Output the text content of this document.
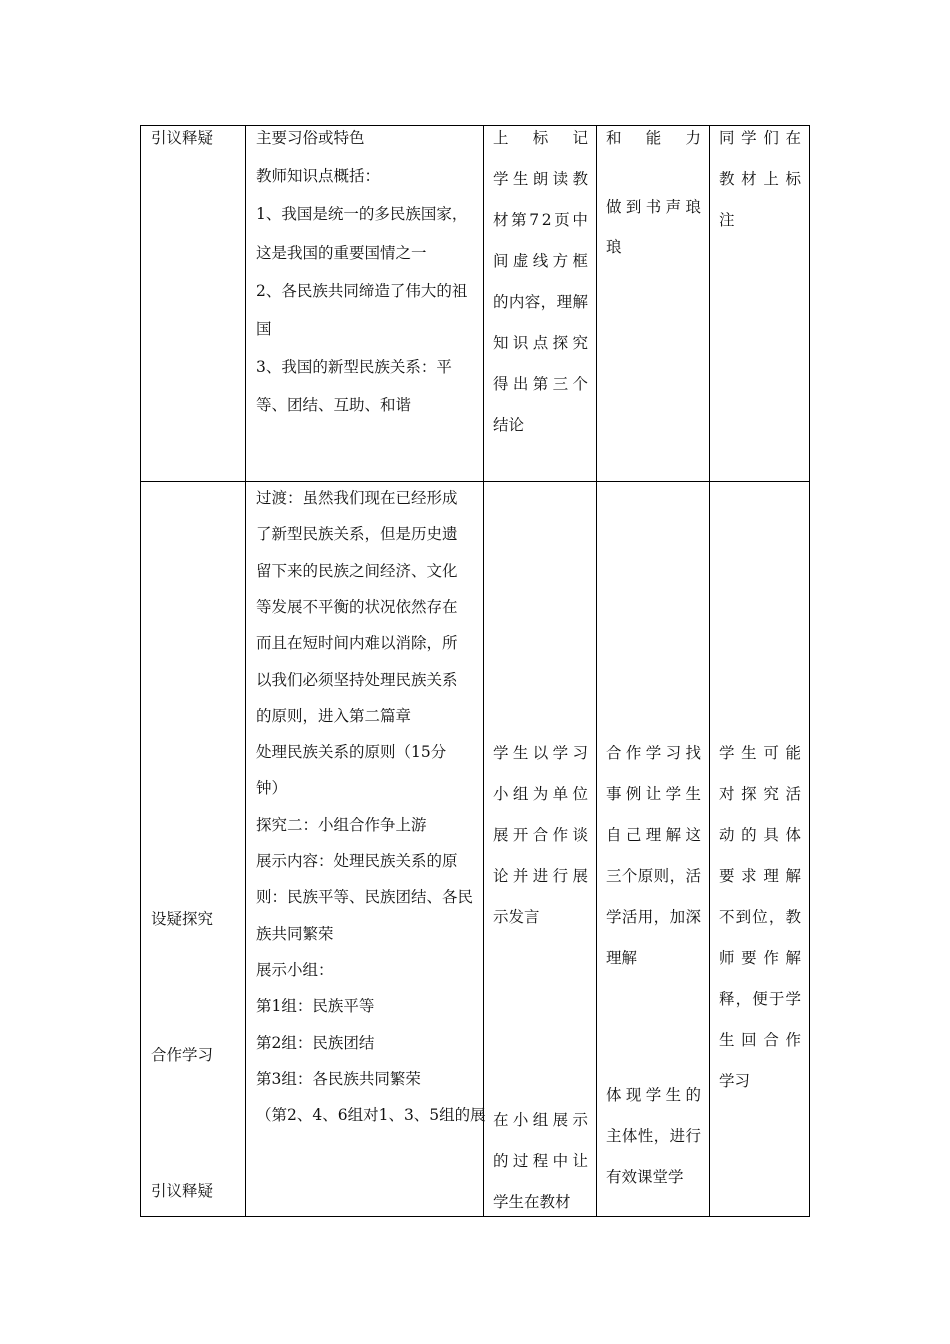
引议释疑	主要习俗或特色
教师知识点概括：
1、我国是统一的多民族国家，
这是我国的重要国情之一
2、各民族共同缔造了伟大的祖
国
3、我国的新型民族关系：平
等、团结、互助、和谐
上 标 记
学 生 朗 读 教
材 第 7 2 页 中
间 虚 线 方 框
的 内 容 ， 理 解
知 识 点 探 究
得 出 第 三 个
结论
和 能 力
做 到 书 声 琅
琅
同 学 们 在
教 材 上 标
注
设疑探究
合作学习
引议释疑
过渡：虽然我们现在已经形成
了新型民族关系，但是历史遗
留下来的民族之间经济、文化
等发展不平衡的状况依然存在
而且在短时间内难以消除，所
以我们必须坚持处理民族关系
的原则，进入第二篇章
处理民族关系的原则（15分
钟）
探究二：小组合作争上游
展示内容：处理民族关系的原
则：民族平等、民族团结、各民
族共同繁荣
展示小组：
第1组：民族平等
第2组：民族团结
第3组：各民族共同繁荣
（第2、4、6组对1、3、5组的展
学 生 以 学 习
小 组 为 单 位
展 开 合 作 谈
论 并 进 行 展
示发言
在 小 组 展 示
的 过 程 中 让
学生在教材
合 作 学 习 找
事 例 让 学 生
自 己 理 解 这
三 个 原 则 ， 活
学 活 用 ， 加 深
理解
体 现 学 生 的
主 体 性 ， 进 行
有效课堂学
学 生 可 能
对 探 究 活
动 的 具 体
要 求 理 解
不 到 位 ， 教
师 要 作 解
释 ， 便 于 学
生 回 合 作
学习
